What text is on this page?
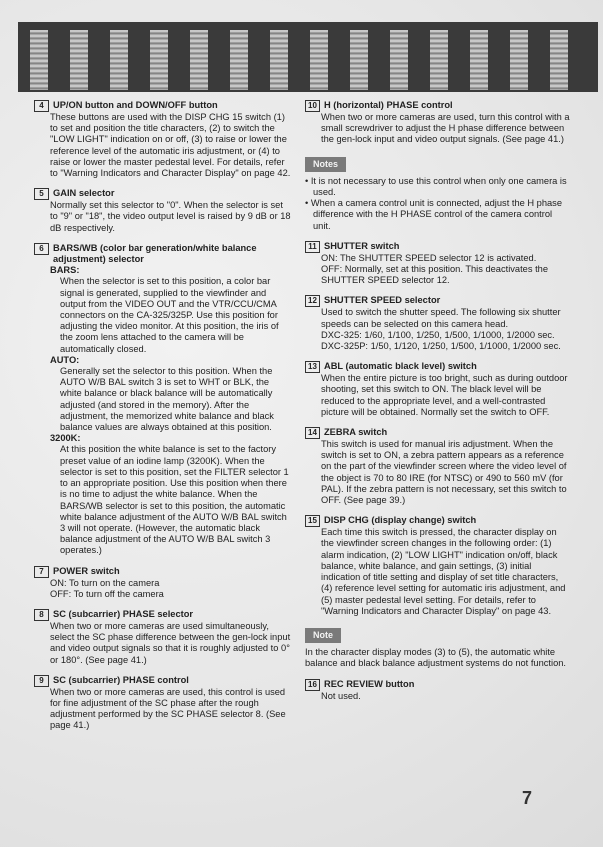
4 UP/ON button and DOWN/OFF button
These buttons are used with the DISP CHG 15 switch (1) to set and position the title characters, (2) to switch the "LOW LIGHT" indication on or off, (3) to raise or lower the reference level of the automatic iris adjustment, or (4) to raise or lower the master pedestal level. For details, refer to "Warning Indicators and Character Display" on page 42.
5 GAIN selector
Normally set this selector to "0". When the selector is set to "9" or "18", the video output level is raised by 9 dB or 18 dB respectively.
6 BARS/WB (color bar generation/white balance adjustment) selector
BARS:
When the selector is set to this position, a color bar signal is generated, supplied to the viewfinder and output from the VIDEO OUT and the VTR/CCU/CMA connectors on the CA-325/325P. Use this position for adjusting the video monitor. At this position, the iris of the zoom lens attached to the camera will be automatically closed.
AUTO:
Generally set the selector to this position. When the AUTO W/B BAL switch 3 is set to WHT or BLK, the white balance or black balance will be automatically adjusted (and stored in the memory). After the adjustment, the memorized white balance and black balance values are always obtained at this position.
3200K:
At this position the white balance is set to the factory preset value of an iodine lamp (3200K). When the selector is set to this position, set the FILTER selector 1 to an appropriate position. Use this position when there is no time to adjust the white balance. When the BARS/WB selector is set to this position, the automatic white balance adjustment of the AUTO W/B BAL switch 3 will not operate. (However, the automatic black balance adjustment of the AUTO W/B BAL switch 3 operates.)
7 POWER switch
ON: To turn on the camera
OFF: To turn off the camera
8 SC (subcarrier) PHASE selector
When two or more cameras are used simultaneously, select the SC phase difference between the gen-lock input and video output signals so that it is roughly adjusted to 0° or 180°. (See page 41.)
9 SC (subcarrier) PHASE control
When two or more cameras are used, this control is used for fine adjustment of the SC phase after the rough adjustment performed by the SC PHASE selector 8. (See page 41.)
10 H (horizontal) PHASE control
When two or more cameras are used, turn this control with a small screwdriver to adjust the H phase difference between the gen-lock input and video output signals. (See page 41.)
Notes
• It is not necessary to use this control when only one camera is used.
• When a camera control unit is connected, adjust the H phase difference with the H PHASE control of the camera control unit.
11 SHUTTER switch
ON: The SHUTTER SPEED selector 12 is activated.
OFF: Normally, set at this position. This deactivates the SHUTTER SPEED selector 12.
12 SHUTTER SPEED selector
Used to switch the shutter speed. The following six shutter speeds can be selected on this camera head.
DXC-325: 1/60, 1/100, 1/250, 1/500, 1/1000, 1/2000 sec.
DXC-325P: 1/50, 1/120, 1/250, 1/500, 1/1000, 1/2000 sec.
13 ABL (automatic black level) switch
When the entire picture is too bright, such as during outdoor shooting, set this switch to ON. The black level will be reduced to the appropriate level, and a well-contrasted picture will be obtained. Normally set the switch to OFF.
14 ZEBRA switch
This switch is used for manual iris adjustment. When the switch is set to ON, a zebra pattern appears as a reference on the part of the viewfinder screen where the video level of the object is 70 to 80 IRE (for NTSC) or 490 to 560 mV (for PAL). If the zebra pattern is not necessary, set this switch to OFF. (See page 39.)
15 DISP CHG (display change) switch
Each time this switch is pressed, the character display on the viewfinder screen changes in the following order: (1) alarm indication, (2) "LOW LIGHT" indication on/off, black balance, white balance, and gain settings, (3) initial indication of title setting and display of set title characters, (4) reference level setting for automatic iris adjustment, and (5) master pedestal level setting. For details, refer to "Warning Indicators and Character Display" on page 43.
Note
In the character display modes (3) to (5), the automatic white balance and black balance adjustment systems do not function.
16 REC REVIEW button
Not used.
7
